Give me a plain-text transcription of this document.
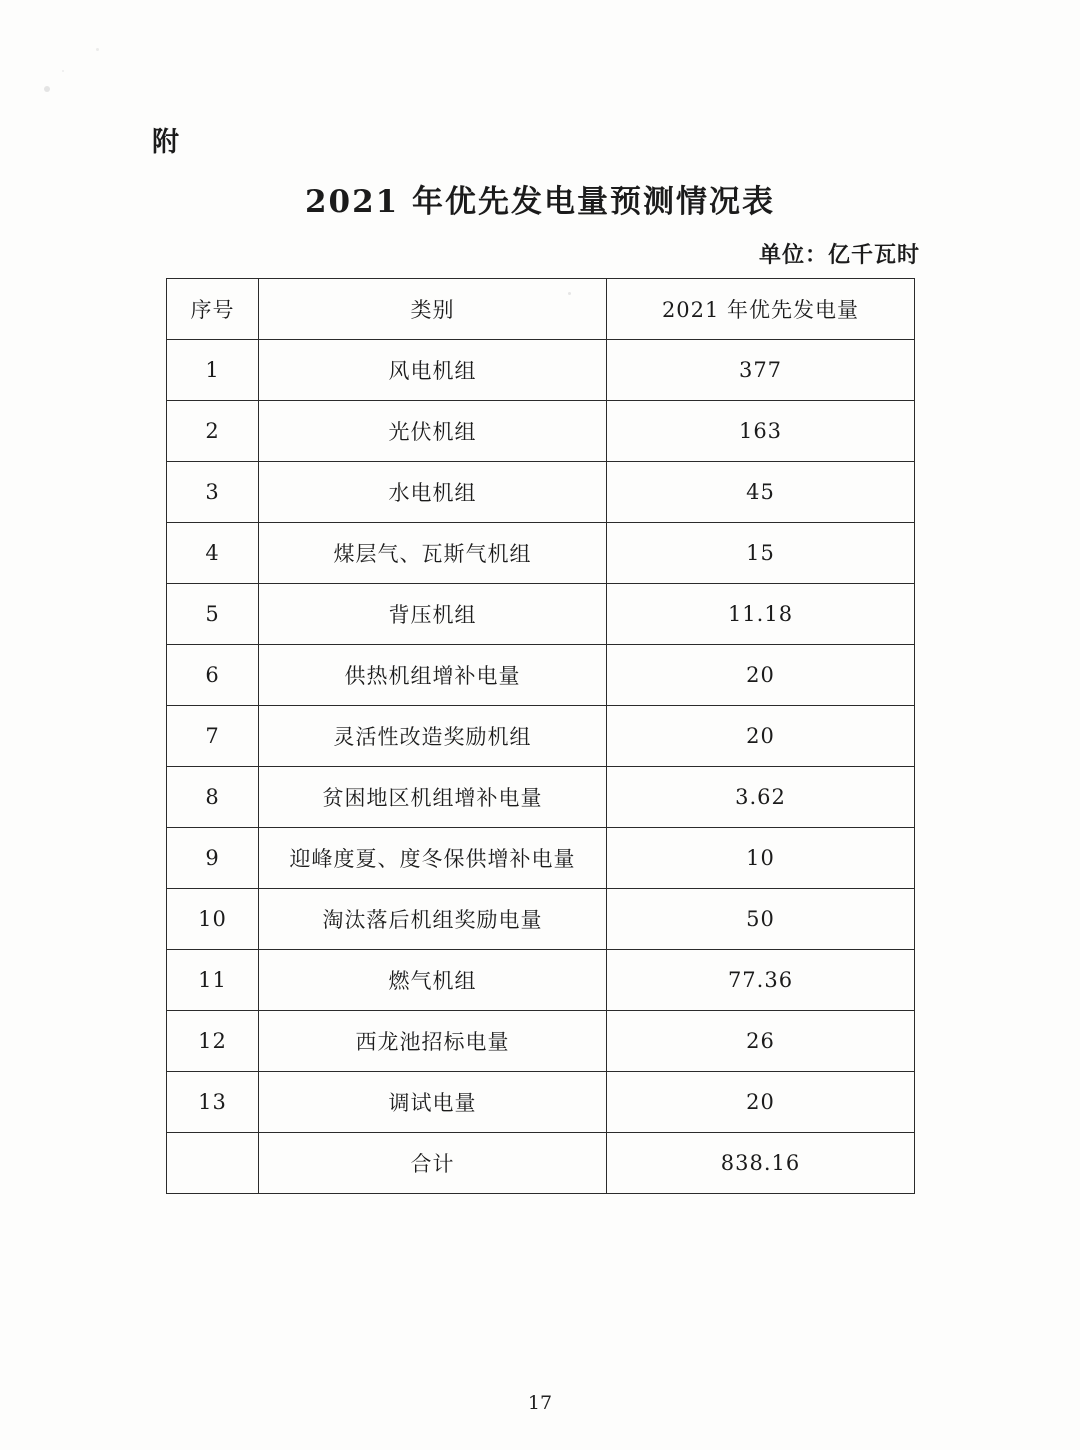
附
2021 年优先发电量预测情况表
单位：亿千瓦时
序号	类别	2021 年优先发电量
1	风电机组	377
2	光伏机组	163
3	水电机组	45
4	煤层气、瓦斯气机组	15
5	背压机组	11.18
6	供热机组增补电量	20
7	灵活性改造奖励机组	20
8	贫困地区机组增补电量	3.62
9	迎峰度夏、度冬保供增补电量	10
10	淘汰落后机组奖励电量	50
11	燃气机组	77.36
12	西龙池招标电量	26
13	调试电量	20
	合计	838.16
17
